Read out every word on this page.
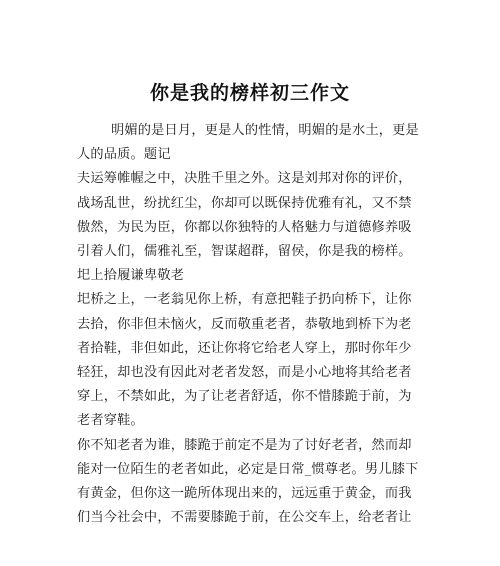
你是我的榜样初三作文
明媚的是日月，更是人的性情，明媚的是水土，更是
人的品质。题记
夫运筹帷幄之中，决胜千里之外。这是刘邦对你的评价，
战场乱世，纷扰红尘，你却可以既保持优雅有礼，又不禁
傲然，为民为臣，你都以你独特的人格魅力与道德修养吸
引着人们，儒雅礼至，智谋超群，留侯，你是我的榜样。
圯上拾履谦卑敬老
圯桥之上，一老翁见你上桥，有意把鞋子扔向桥下，让你
去拾，你非但未恼火，反而敬重老者，恭敬地到桥下为老
者拾鞋，非但如此，还让你将它给老人穿上，那时你年少
轻狂，却也没有因此对老者发怒，而是小心地将其给老者
穿上，不禁如此，为了让老者舒适，你不惜膝跪于前，为
老者穿鞋。
你不知老者为谁，膝跪于前定不是为了讨好老者，然而却
能对一位陌生的老者如此，必定是日常_惯尊老。男儿膝下
有黄金，但你这一跪所体现出来的，远远重于黄金，而我
们当今社会中，不需要膝跪于前，在公交车上，给老者让
